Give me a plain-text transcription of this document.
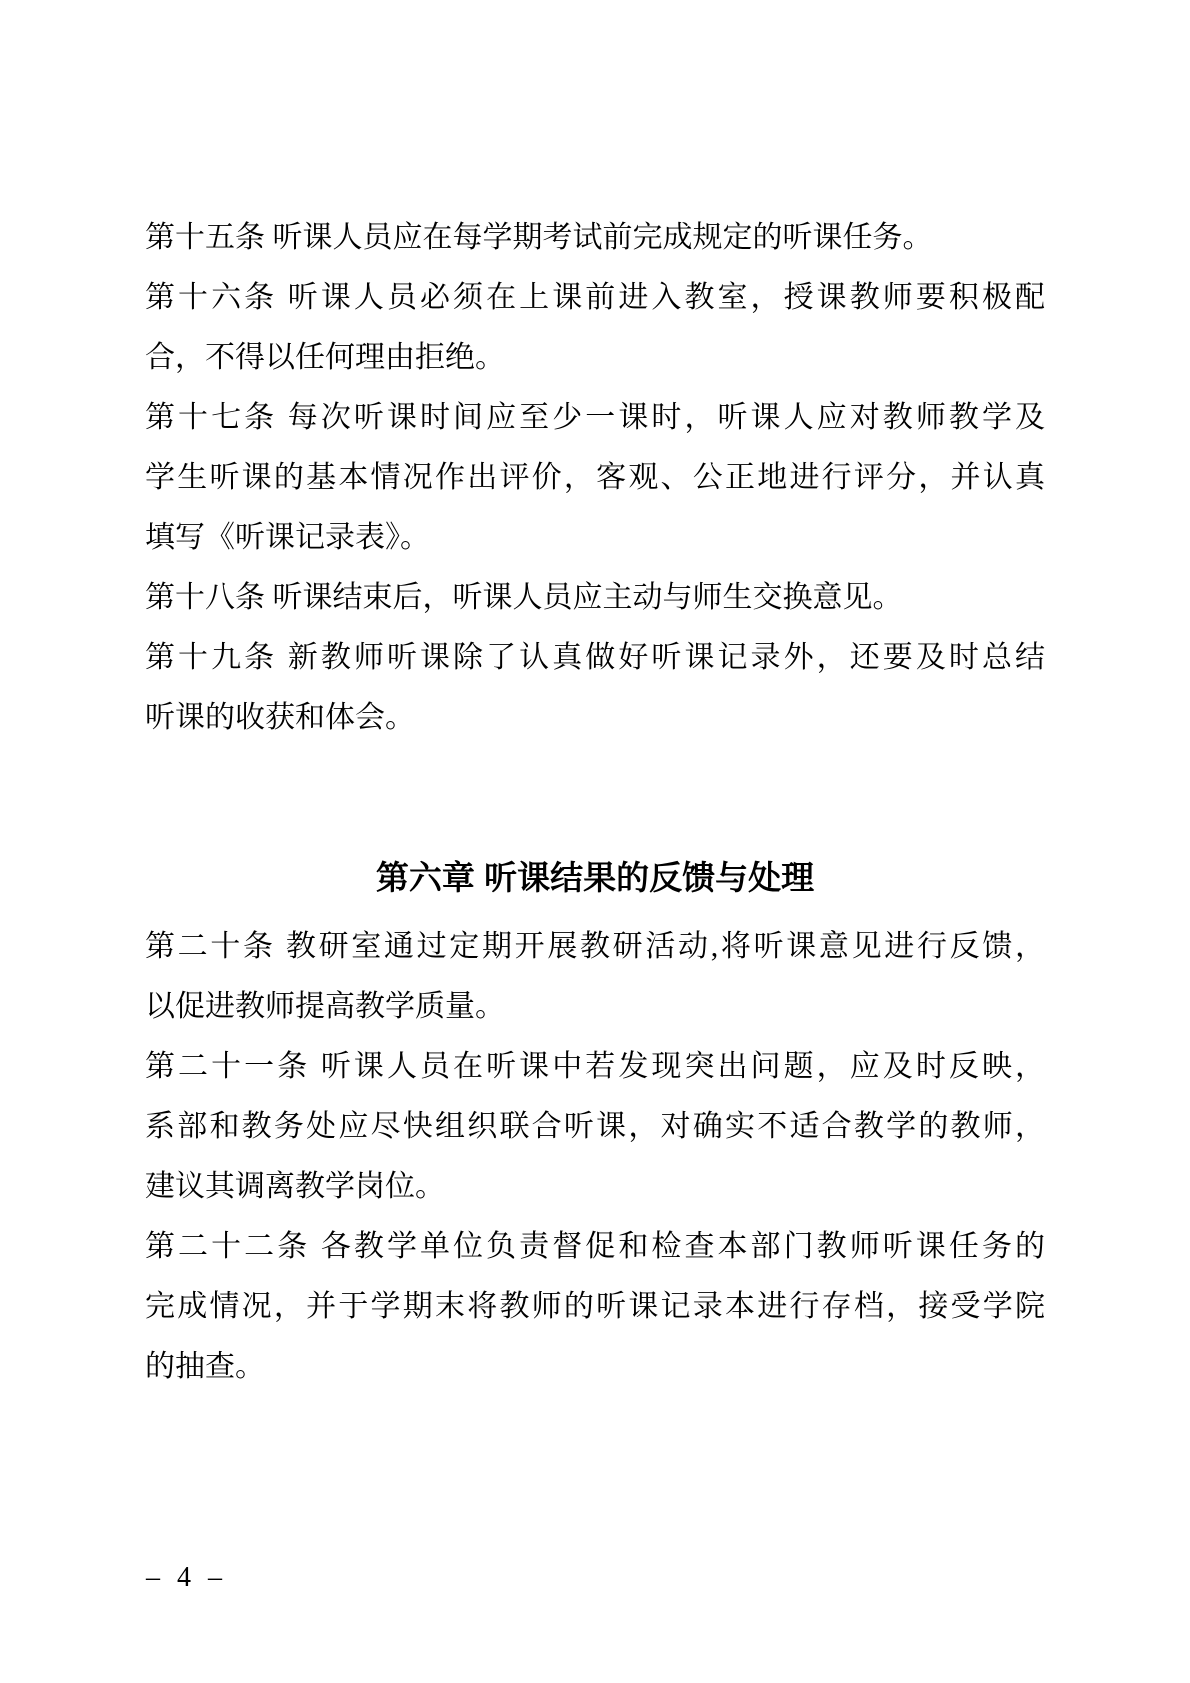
第十五条 听课人员应在每学期考试前完成规定的听课任务。
第十六条 听课人员必须在上课前进入教室，授课教师要积极配
合，不得以任何理由拒绝。
第十七条 每次听课时间应至少一课时，听课人应对教师教学及
学生听课的基本情况作出评价，客观、公正地进行评分，并认真
填写《听课记录表》。
第十八条 听课结束后，听课人员应主动与师生交换意见。
第十九条 新教师听课除了认真做好听课记录外，还要及时总结
听课的收获和体会。
第六章 听课结果的反馈与处理
第二十条 教研室通过定期开展教研活动,将听课意见进行反馈，
以促进教师提高教学质量。
第二十一条 听课人员在听课中若发现突出问题，应及时反映，
系部和教务处应尽快组织联合听课，对确实不适合教学的教师，
建议其调离教学岗位。
第二十二条 各教学单位负责督促和检查本部门教师听课任务的
完成情况，并于学期末将教师的听课记录本进行存档，接受学院
的抽查。
– 4 –
